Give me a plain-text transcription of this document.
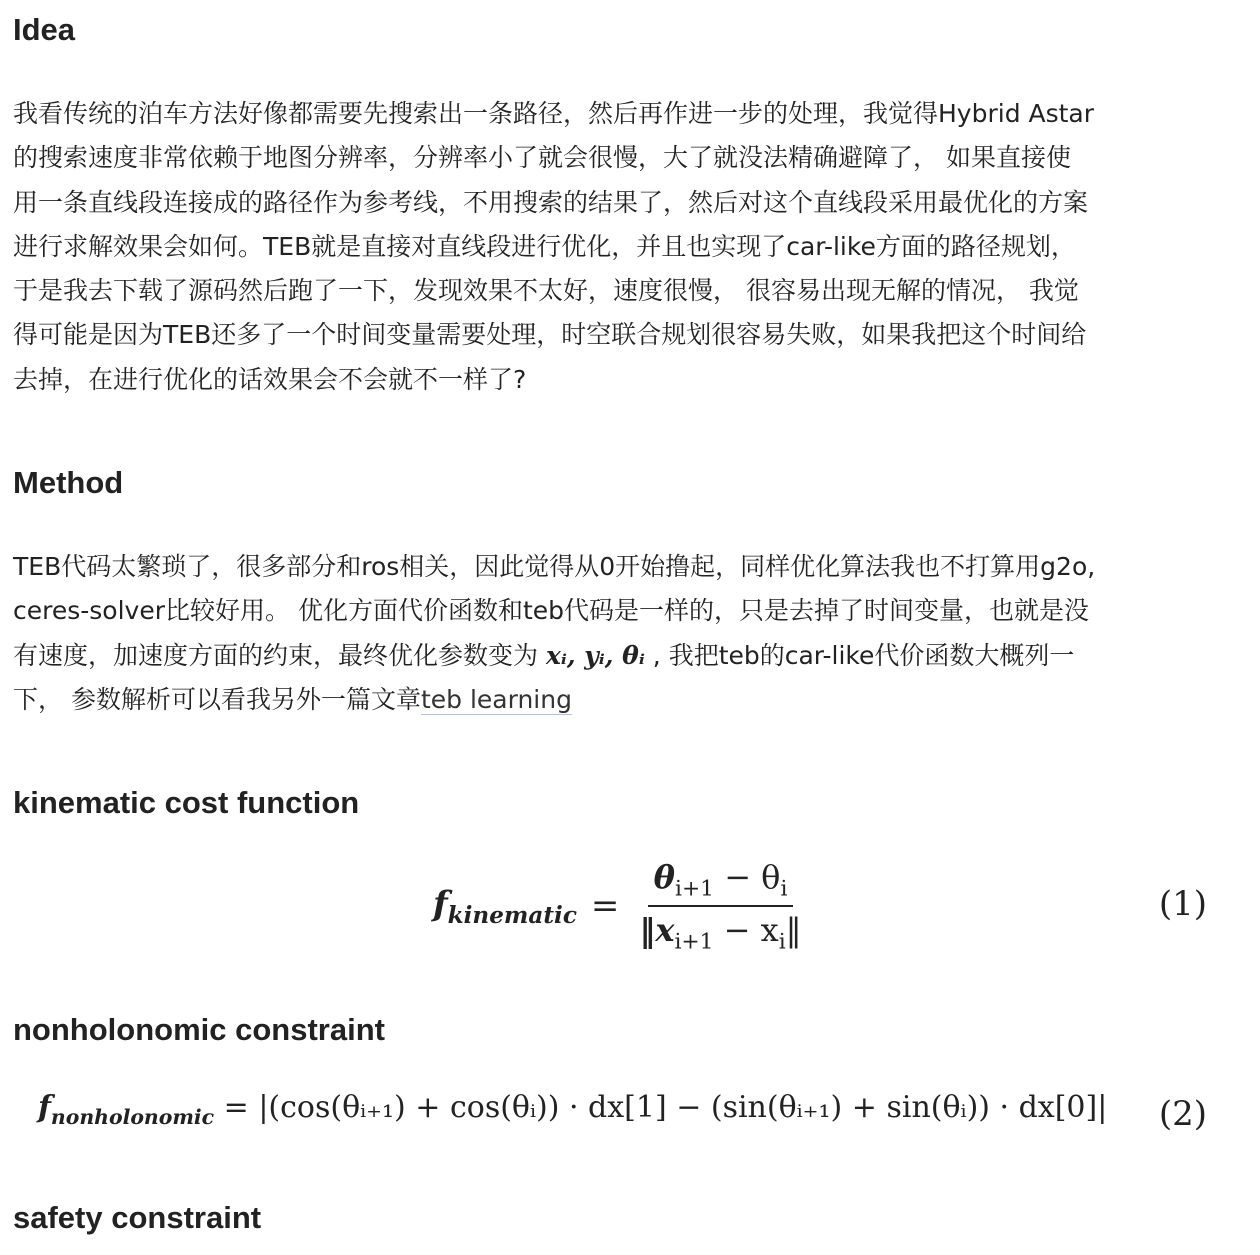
Idea

我看传统的泊车方法好像都需要先搜索出一条路径，然后再作进一步的处理，我觉得Hybrid Astar
的搜索速度非常依赖于地图分辨率，分辨率小了就会很慢，大了就没法精确避障了， 如果直接使
用一条直线段连接成的路径作为参考线，不用搜索的结果了，然后对这个直线段采用最优化的方案
进行求解效果会如何。TEB就是直接对直线段进行优化，并且也实现了car-like方面的路径规划，
于是我去下载了源码然后跑了一下，发现效果不太好，速度很慢， 很容易出现无解的情况， 我觉
得可能是因为TEB还多了一个时间变量需要处理，时空联合规划很容易失败，如果我把这个时间给
去掉，在进行优化的话效果会不会就不一样了?

Method

TEB代码太繁琐了，很多部分和ros相关，因此觉得从0开始撸起，同样优化算法我也不打算用g2o,
ceres-solver比较好用。 优化方面代价函数和teb代码是一样的，只是去掉了时间变量，也就是没
有速度，加速度方面的约束，最终优化参数变为 xᵢ, yᵢ, θᵢ , 我把teb的car-like代价函数大概列一
下， 参数解析可以看我另外一篇文章teb learning

kinematic cost function
$f_{kinematic} = \frac{\theta_{i+1} - \theta_i}{‖x_{i+1} - x_i‖}$	(1)
nonholonomic constraint
$f_{nonholonomic}$ = |(cos(θᵢ₊₁) + cos(θᵢ)) · dx[1] − (sin(θᵢ₊₁) + sin(θᵢ)) · dx[0]| (2)
safety constraint
